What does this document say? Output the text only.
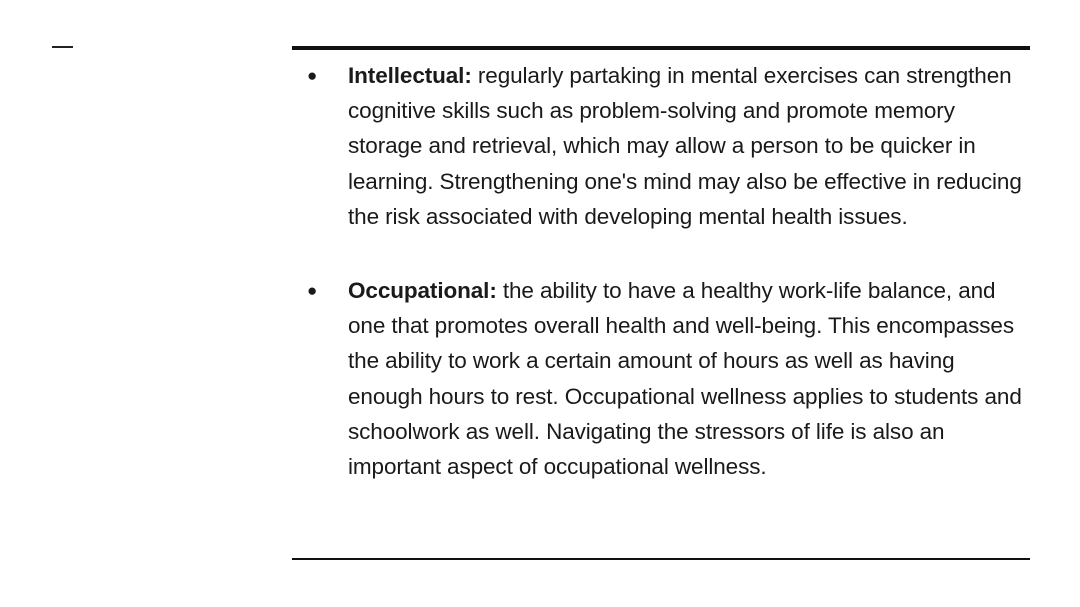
● Intellectual: regularly partaking in mental exercises can strengthen cognitive skills such as problem-solving and promote memory storage and retrieval, which may allow a person to be quicker in learning. Strengthening one's mind may also be effective in reducing the risk associated with developing mental health issues.
● Occupational: the ability to have a healthy work-life balance, and one that promotes overall health and well-being. This encompasses the ability to work a certain amount of hours as well as having enough hours to rest. Occupational wellness applies to students and schoolwork as well. Navigating the stressors of life is also an important aspect of occupational wellness.
